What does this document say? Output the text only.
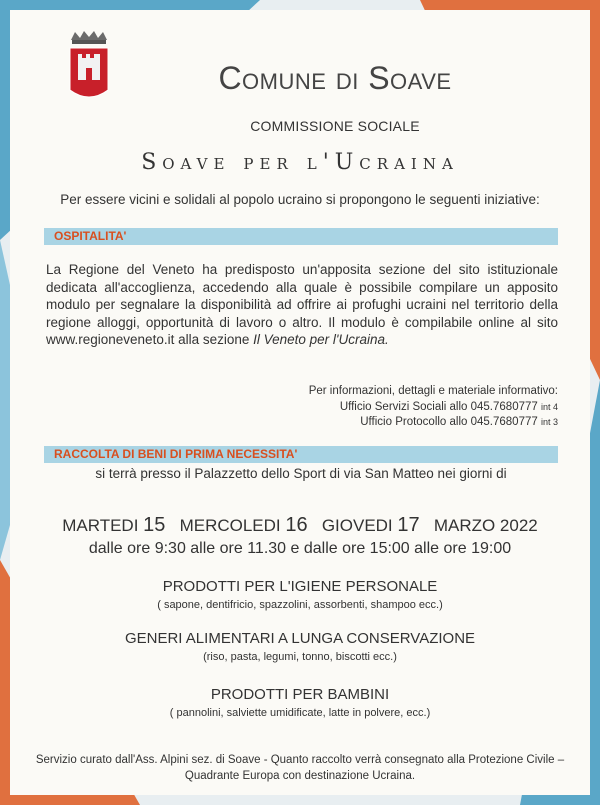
Comune di Soave
COMMISSIONE SOCIALE
Soave per l'Ucraina
Per essere vicini e solidali al popolo ucraino si propongono le seguenti iniziative:
OSPITALITA'
La Regione del Veneto ha predisposto un'apposita sezione del sito istituzionale dedicata all'accoglienza, accedendo alla quale è possibile compilare un apposito modulo per segnalare la disponibilità ad offrire ai profughi ucraini nel territorio della regione alloggi, opportunità di lavoro o altro. Il modulo è compilabile online al sito www.regioneveneto.it alla sezione Il Veneto per l'Ucraina.
Per informazioni, dettagli e materiale informativo:
Ufficio Servizi Sociali allo 045.7680777 int 4
Ufficio Protocollo allo 045.7680777 int 3
RACCOLTA DI BENI DI PRIMA NECESSITA'
si terrà presso il Palazzetto dello Sport di via San Matteo nei giorni di
MARTEDI 15 MERCOLEDI 16 GIOVEDI 17 MARZO 2022
dalle ore 9:30 alle ore 11.30 e dalle ore 15:00 alle ore 19:00
PRODOTTI PER L'IGIENE PERSONALE
( sapone, dentifricio, spazzolini, assorbenti, shampoo ecc.)
GENERI ALIMENTARI A LUNGA CONSERVAZIONE
(riso, pasta, legumi, tonno, biscotti ecc.)
PRODOTTI PER BAMBINI
( pannolini, salviette umidificate, latte in polvere, ecc.)
Servizio curato dall'Ass. Alpini sez. di Soave - Quanto raccolto verrà consegnato alla Protezione Civile – Quadrante Europa con destinazione Ucraina.
